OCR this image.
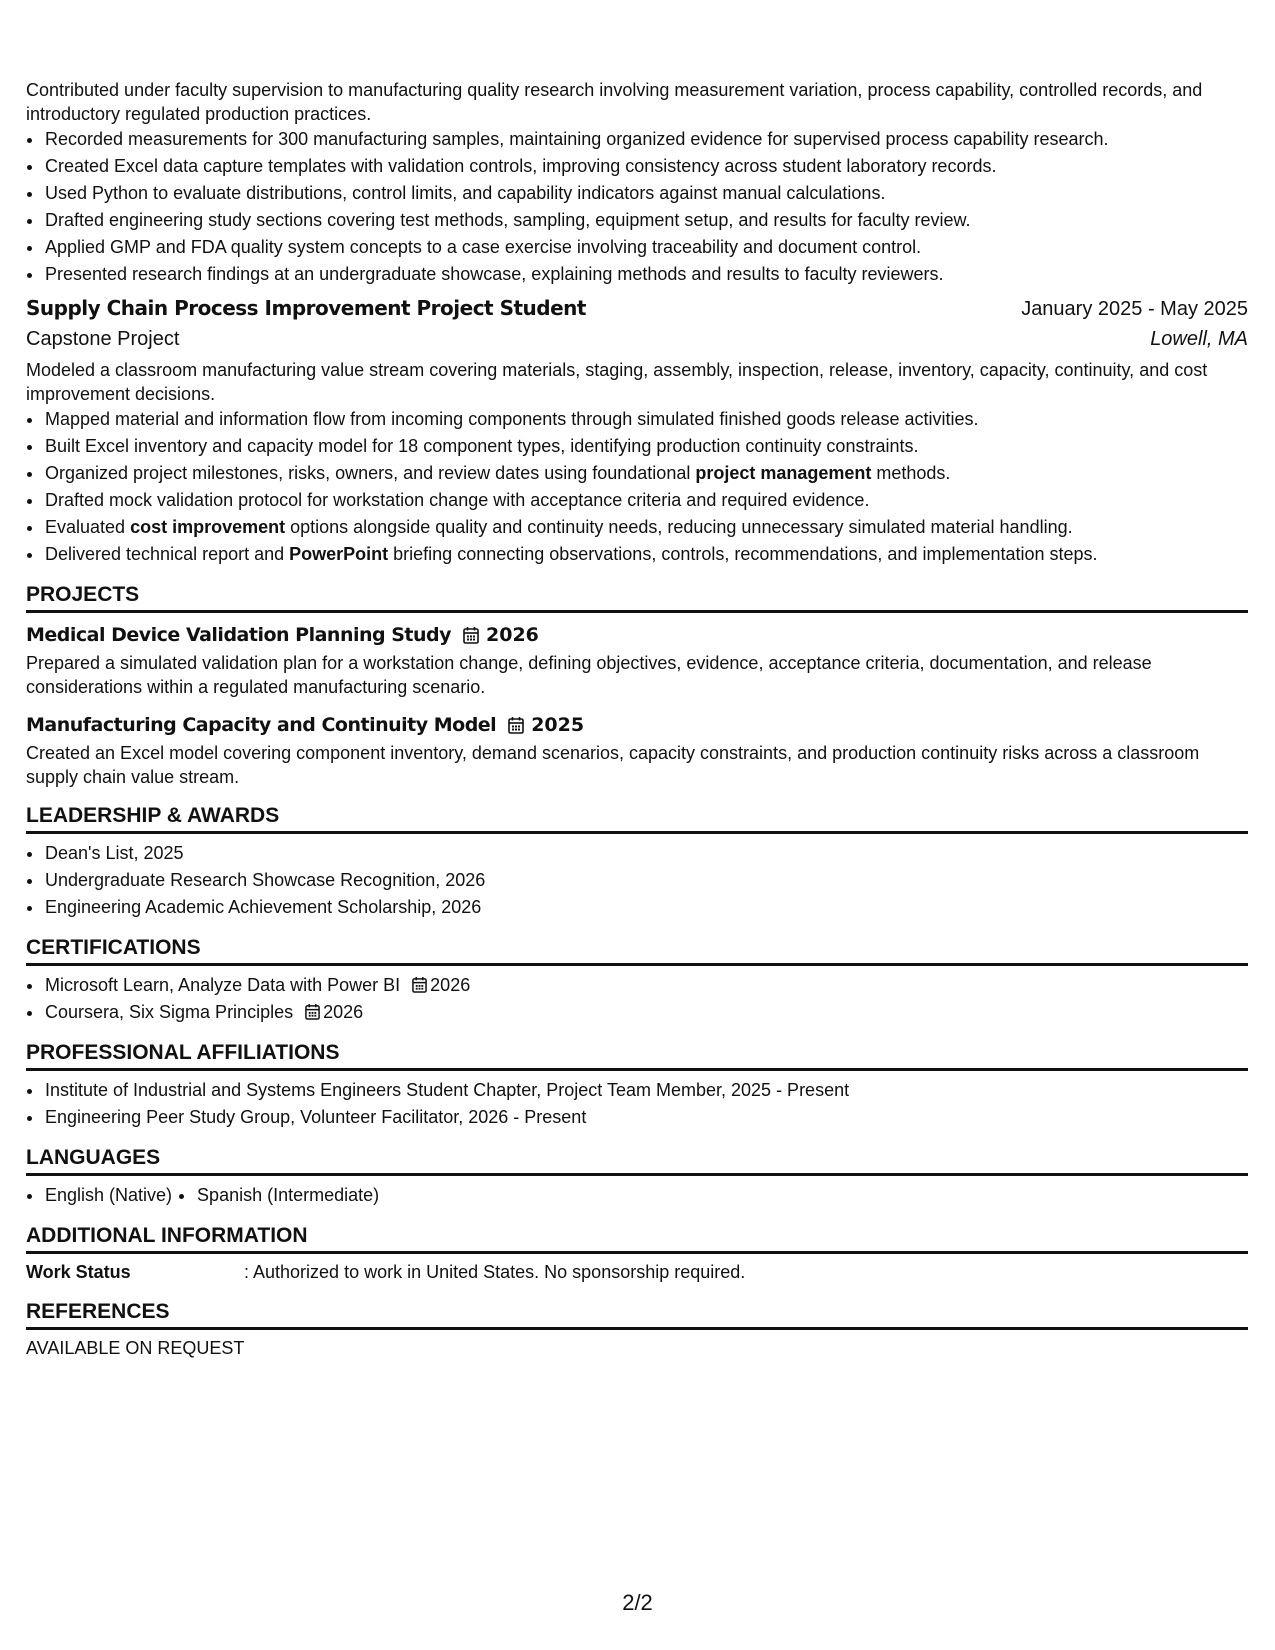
Contributed under faculty supervision to manufacturing quality research involving measurement variation, process capability, controlled records, and introductory regulated production practices.

• Recorded measurements for 300 manufacturing samples, maintaining organized evidence for supervised process capability research.
• Created Excel data capture templates with validation controls, improving consistency across student laboratory records.
• Used Python to evaluate distributions, control limits, and capability indicators against manual calculations.
• Drafted engineering study sections covering test methods, sampling, equipment setup, and results for faculty review.
• Applied GMP and FDA quality system concepts to a case exercise involving traceability and document control.
• Presented research findings at an undergraduate showcase, explaining methods and results to faculty reviewers.
Supply Chain Process Improvement Project Student	January 2025 - May 2025
Capstone Project	Lowell, MA

Modeled a classroom manufacturing value stream covering materials, staging, assembly, inspection, release, inventory, capacity, continuity, and cost improvement decisions.

• Mapped material and information flow from incoming components through simulated finished goods release activities.
• Built Excel inventory and capacity model for 18 component types, identifying production continuity constraints.
• Organized project milestones, risks, owners, and review dates using foundational project management methods.
• Drafted mock validation protocol for workstation change with acceptance criteria and required evidence.
• Evaluated cost improvement options alongside quality and continuity needs, reducing unnecessary simulated material handling.
• Delivered technical report and PowerPoint briefing connecting observations, controls, recommendations, and implementation steps.
PROJECTS
Medical Device Validation Planning Study 2026

Prepared a simulated validation plan for a workstation change, defining objectives, evidence, acceptance criteria, documentation, and release considerations within a regulated manufacturing scenario.

Manufacturing Capacity and Continuity Model 2025

Created an Excel model covering component inventory, demand scenarios, capacity constraints, and production continuity risks across a classroom supply chain value stream.

LEADERSHIP & AWARDS
• Dean's List, 2025
• Undergraduate Research Showcase Recognition, 2026
• Engineering Academic Achievement Scholarship, 2026
CERTIFICATIONS
• Microsoft Learn, Analyze Data with Power BI 2026
• Coursera, Six Sigma Principles 2026
PROFESSIONAL AFFILIATIONS
• Institute of Industrial and Systems Engineers Student Chapter, Project Team Member, 2025 - Present
• Engineering Peer Study Group, Volunteer Facilitator, 2026 - Present
LANGUAGES
• English (Native)
• Spanish (Intermediate)
ADDITIONAL INFORMATION
Work Status	: Authorized to work in United States. No sponsorship required.
REFERENCES

AVAILABLE ON REQUEST

2/2
